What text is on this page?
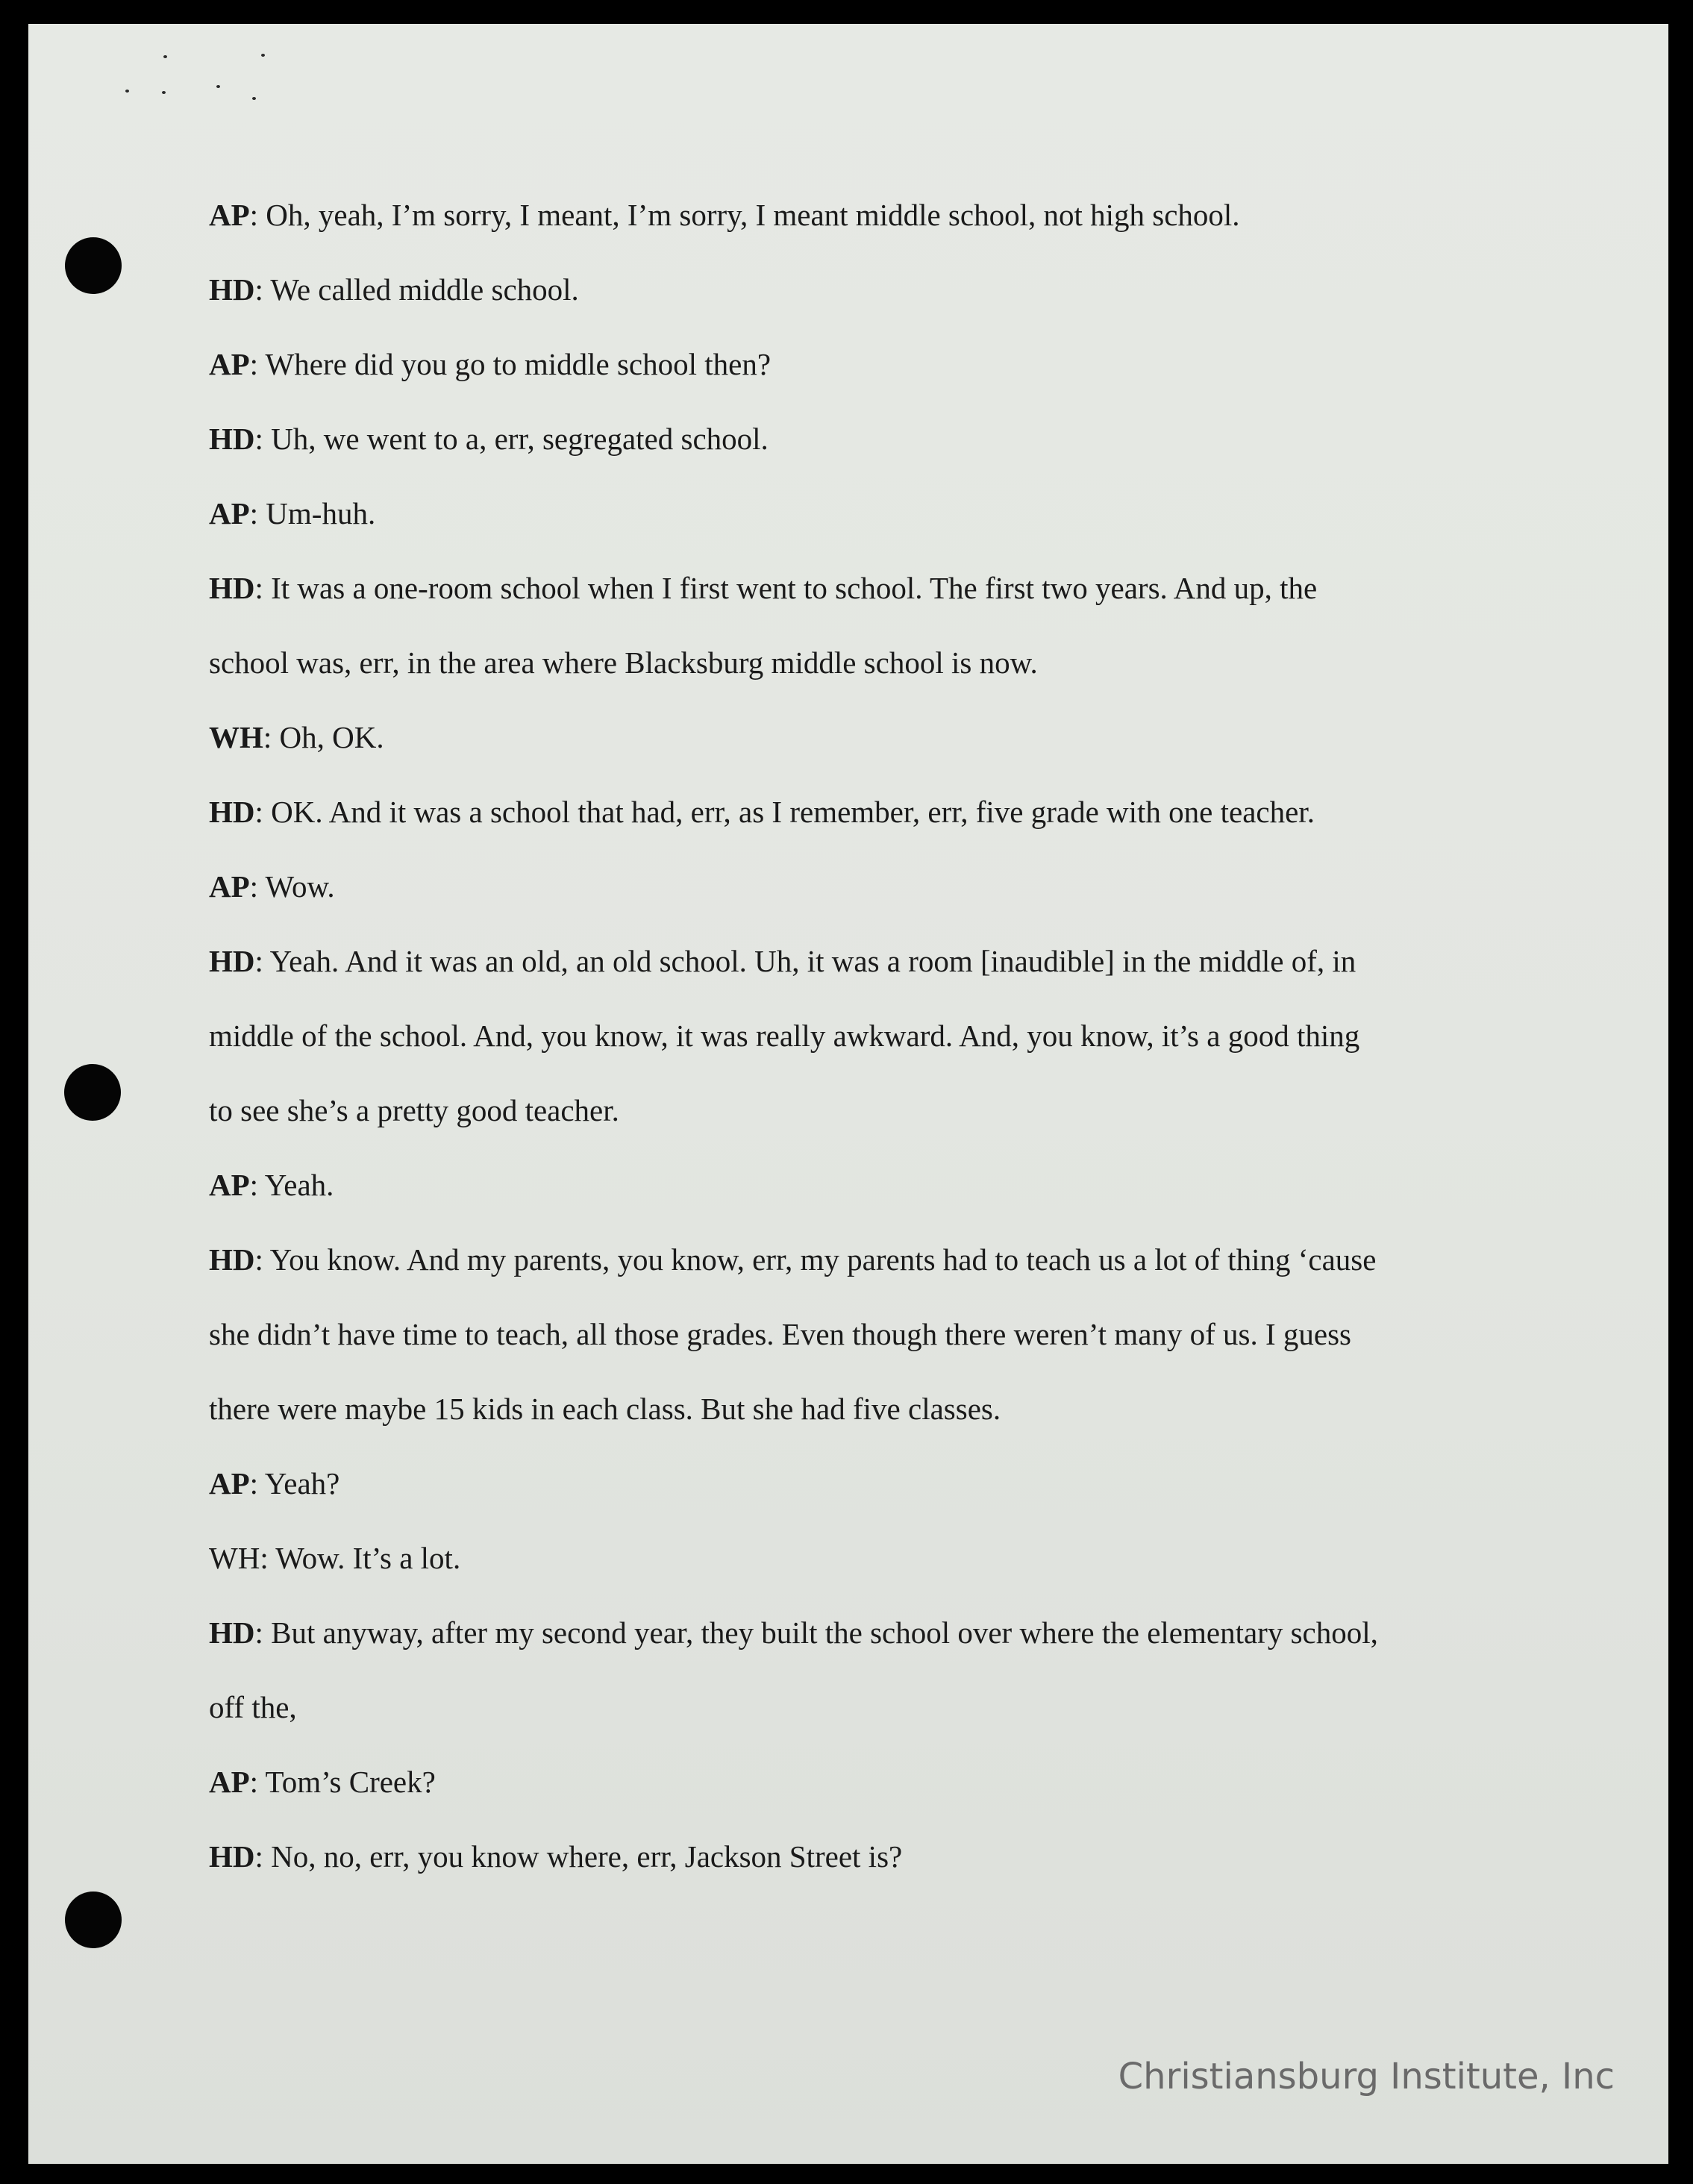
AP: Oh, yeah, I’m sorry, I meant, I’m sorry, I meant middle school, not high school.
HD: We called middle school.
AP: Where did you go to middle school then?
HD: Uh, we went to a, err, segregated school.
AP: Um-huh.
HD: It was a one-room school when I first went to school. The first two years. And up, the
school was, err, in the area where Blacksburg middle school is now.
WH: Oh, OK.
HD: OK. And it was a school that had, err, as I remember, err, five grade with one teacher.
AP: Wow.
HD: Yeah. And it was an old, an old school. Uh, it was a room [inaudible] in the middle of, in
middle of the school. And, you know, it was really awkward. And, you know, it’s a good thing
to see she’s a pretty good teacher.
AP: Yeah.
HD: You know. And my parents, you know, err, my parents had to teach us a lot of thing ‘cause
she didn’t have time to teach, all those grades. Even though there weren’t many of us. I guess
there were maybe 15 kids in each class. But she had five classes.
AP: Yeah?
WH: Wow. It’s a lot.
HD: But anyway, after my second year, they built the school over where the elementary school,
off the,
AP: Tom’s Creek?
HD: No, no, err, you know where, err, Jackson Street is?
Christiansburg Institute, Inc
